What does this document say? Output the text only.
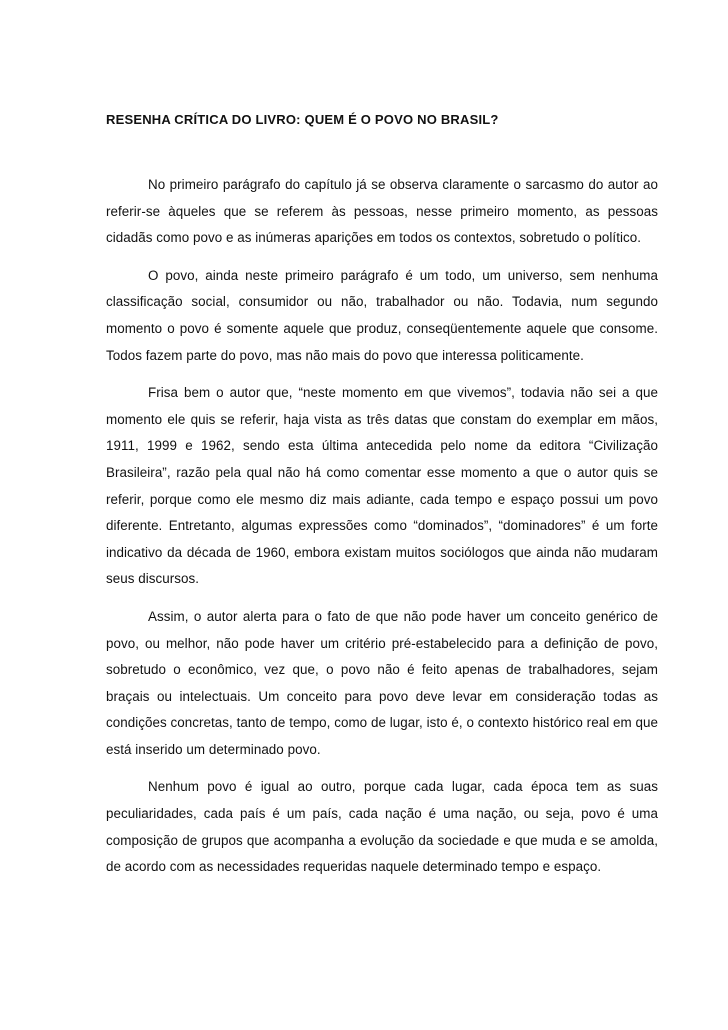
RESENHA CRÍTICA DO LIVRO: QUEM É O POVO NO BRASIL?

No primeiro parágrafo do capítulo já se observa claramente o sarcasmo do autor ao referir-se àqueles que se referem às pessoas, nesse primeiro momento, as pessoas cidadãs como povo e as inúmeras aparições em todos os contextos, sobretudo o político.

O povo, ainda neste primeiro parágrafo é um todo, um universo, sem nenhuma classificação social, consumidor ou não, trabalhador ou não. Todavia, num segundo momento o povo é somente aquele que produz, conseqüentemente aquele que consome. Todos fazem parte do povo, mas não mais do povo que interessa politicamente.

Frisa bem o autor que, “neste momento em que vivemos”, todavia não sei a que momento ele quis se referir, haja vista as três datas que constam do exemplar em mãos, 1911, 1999 e 1962, sendo esta última antecedida pelo nome da editora “Civilização Brasileira”, razão pela qual não há como comentar esse momento a que o autor quis se referir, porque como ele mesmo diz mais adiante, cada tempo e espaço possui um povo diferente. Entretanto, algumas expressões como “dominados”, “dominadores” é um forte indicativo da década de 1960, embora existam muitos sociólogos que ainda não mudaram seus discursos.

Assim, o autor alerta para o fato de que não pode haver um conceito genérico de povo, ou melhor, não pode haver um critério pré-estabelecido para a definição de povo, sobretudo o econômico, vez que, o povo não é feito apenas de trabalhadores, sejam braçais ou intelectuais. Um conceito para povo deve levar em consideração todas as condições concretas, tanto de tempo, como de lugar, isto é, o contexto histórico real em que está inserido um determinado povo.

Nenhum povo é igual ao outro, porque cada lugar, cada época tem as suas peculiaridades, cada país é um país, cada nação é uma nação, ou seja, povo é uma composição de grupos que acompanha a evolução da sociedade e que muda e se amolda, de acordo com as necessidades requeridas naquele determinado tempo e espaço.
